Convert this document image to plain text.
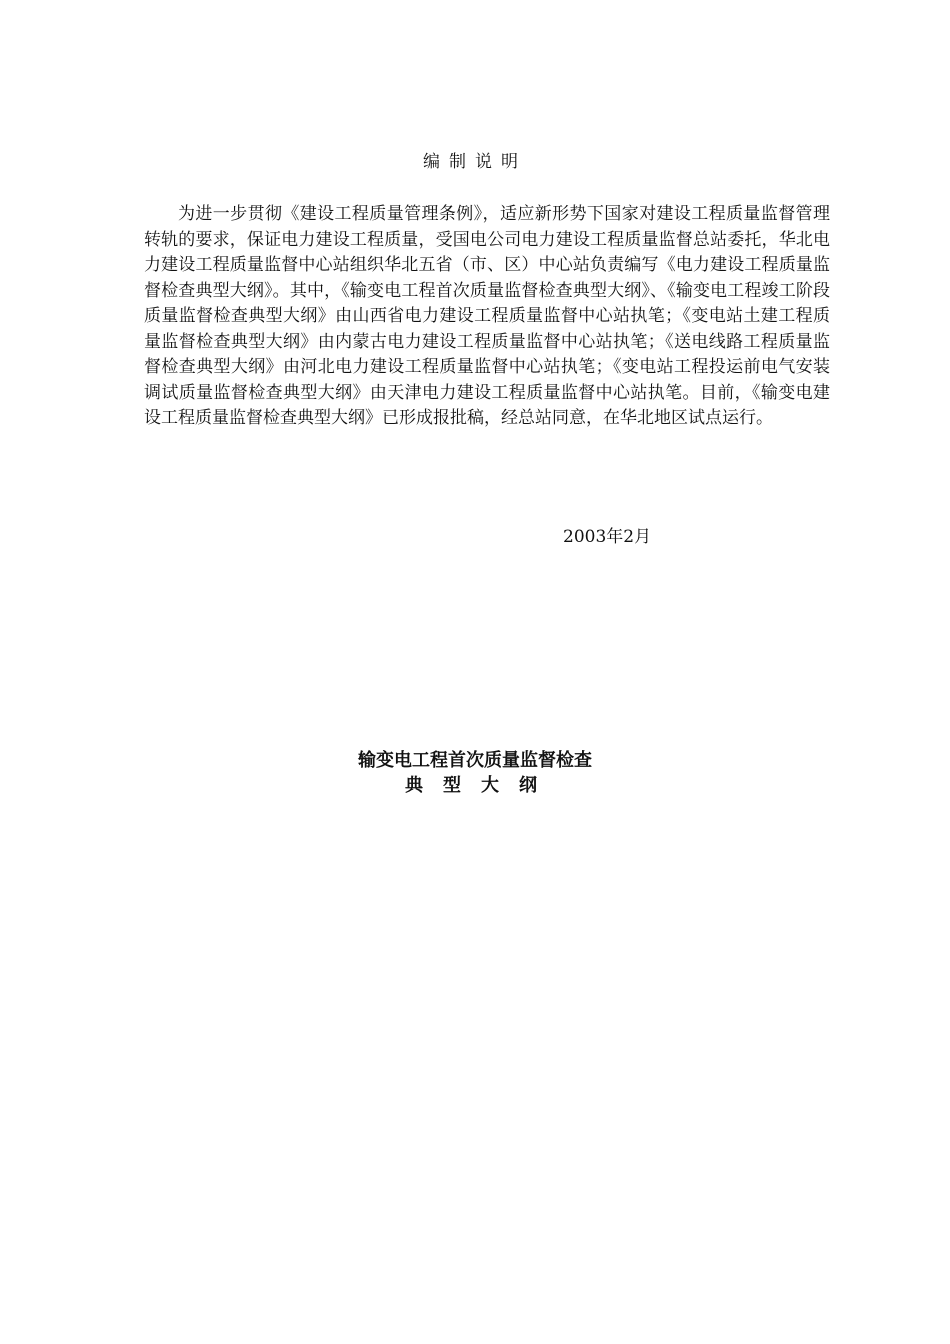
编制说明
为进一步贯彻《建设工程质量管理条例》，适应新形势下国家对建设工程质量监督管理转轨的要求，保证电力建设工程质量，受国电公司电力建设工程质量监督总站委托，华北电力建设工程质量监督中心站组织华北五省（市、区）中心站负责编写《电力建设工程质量监督检查典型大纲》。其中，《输变电工程首次质量监督检查典型大纲》、《输变电工程竣工阶段质量监督检查典型大纲》由山西省电力建设工程质量监督中心站执笔；《变电站土建工程质量监督检查典型大纲》由内蒙古电力建设工程质量监督中心站执笔；《送电线路工程质量监督检查典型大纲》由河北电力建设工程质量监督中心站执笔；《变电站工程投运前电气安装调试质量监督检查典型大纲》由天津电力建设工程质量监督中心站执笔。目前，《输变电建设工程质量监督检查典型大纲》已形成报批稿，经总站同意，在华北地区试点运行。
2003年2月
输变电工程首次质量监督检查
典型大纲
